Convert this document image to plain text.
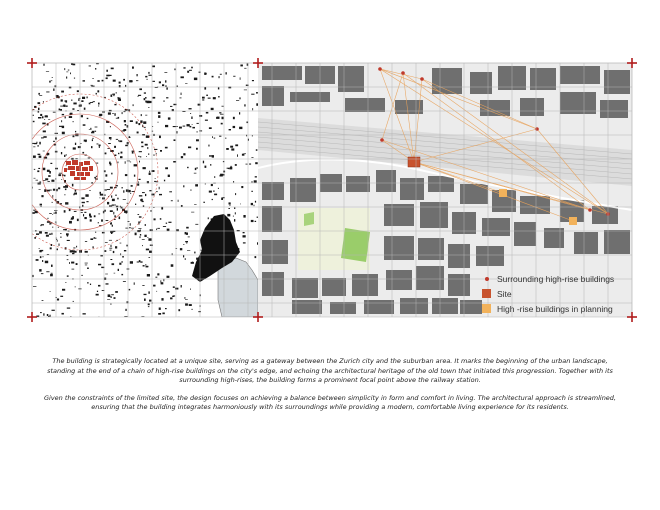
Surrounding high-rise buildings
Site
High -rise buildings in planning

The building is strategically located at a unique site, serving as a gateway between the Zurich city and the suburban area. It marks the beginning of the urban landscape, standing at the end of a chain of high-rise buildings on the city's edge, and echoing the architectural heritage of the old town that initiated this progression. Together with its surrounding high-rises, the building forms a prominent focal point above the railway station.

Given the constraints of the limited site, the design focuses on achieving a balance between simplicity in form and comfort in living. The architectural approach is streamlined, ensuring that the building integrates harmoniously with its surroundings while providing a modern, comfortable living experience for its residents.
